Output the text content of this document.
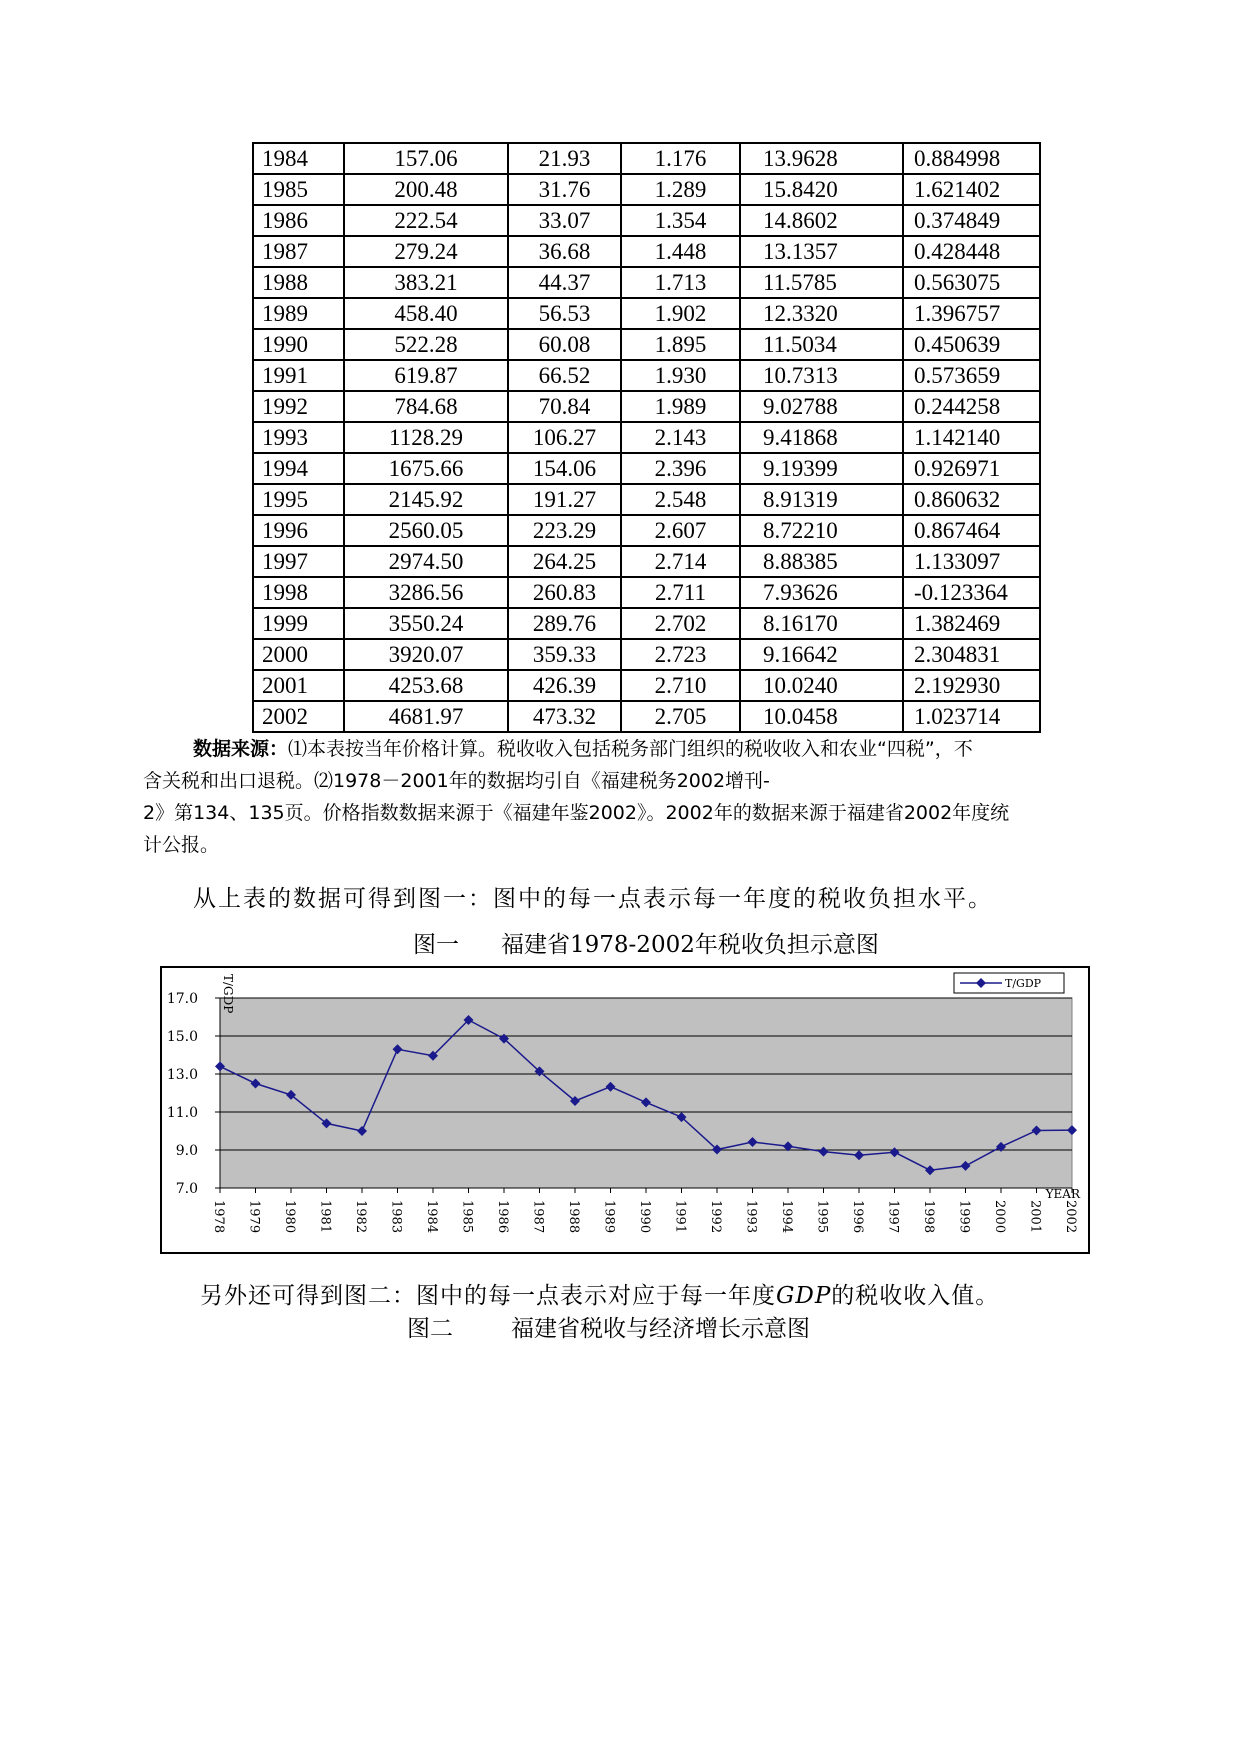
1984	157.06	21.93	1.176	13.9628	0.884998
1985	200.48	31.76	1.289	15.8420	1.621402
1986	222.54	33.07	1.354	14.8602	0.374849
1987	279.24	36.68	1.448	13.1357	0.428448
1988	383.21	44.37	1.713	11.5785	0.563075
1989	458.40	56.53	1.902	12.3320	1.396757
1990	522.28	60.08	1.895	11.5034	0.450639
1991	619.87	66.52	1.930	10.7313	0.573659
1992	784.68	70.84	1.989	9.02788	0.244258
1993	1128.29	106.27	2.143	9.41868	1.142140
1994	1675.66	154.06	2.396	9.19399	0.926971
1995	2145.92	191.27	2.548	8.91319	0.860632
1996	2560.05	223.29	2.607	8.72210	0.867464
1997	2974.50	264.25	2.714	8.88385	1.133097
1998	3286.56	260.83	2.711	7.93626	-0.123364
1999	3550.24	289.76	2.702	8.16170	1.382469
2000	3920.07	359.33	2.723	9.16642	2.304831
2001	4253.68	426.39	2.710	10.0240	2.192930
2002	4681.97	473.32	2.705	10.0458	1.023714
数据来源：⑴本表按当年价格计算。税收收入包括税务部门组织的税收收入和农业“四税”，不
含关税和出口退税。⑵1978－2001年的数据均引自《福建税务2002增刊-
2》第134、135页。价格指数数据来源于《福建年鉴2002》。2002年的数据来源于福建省2002年度统
计公报。
从上表的数据可得到图一：图中的每一点表示每一年度的税收负担水平。
图一 福建省1978-2002年税收负担示意图
7.0
9.0
11.0
13.0
15.0
17.0
1978 1979 1980 1981 1982 1983 1984 1985 1986 1987 1988 1989 1990 1991 1992 1993 1994 1995 1996 1997 1998 1999 2000 2001 2002
T/GDP
YEAR
T/GDP
另外还可得到图二：图中的每一点表示对应于每一年度GDP的税收收入值。
图二	福建省税收与经济增长示意图
